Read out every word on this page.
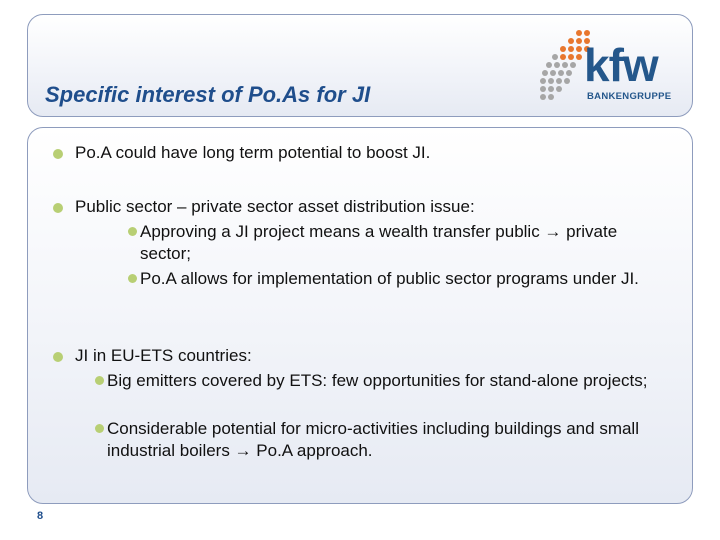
Specific interest of Po.As for JI
kfw
BANKENGRUPPE
Po.A could have long term potential to boost JI.
Public sector – private sector asset distribution issue:
Approving a JI project means a wealth transfer public → private sector;
Po.A allows for implementation of public sector programs under JI.
JI in EU-ETS countries:
Big emitters covered by ETS: few opportunities for stand-alone projects;
Considerable potential for micro-activities including buildings and small industrial boilers → Po.A approach.
8
